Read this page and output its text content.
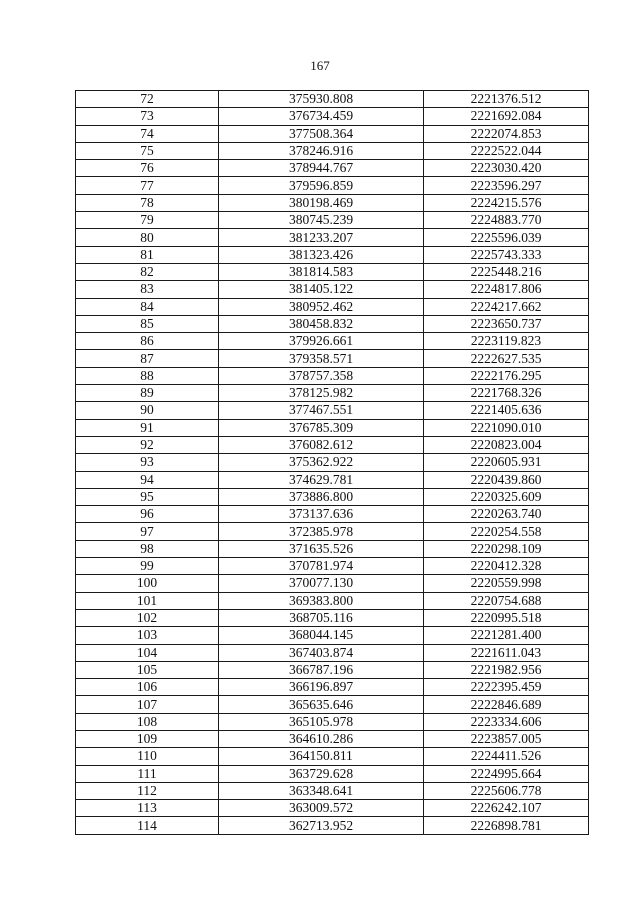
167
72	375930.808	2221376.512
73	376734.459	2221692.084
74	377508.364	2222074.853
75	378246.916	2222522.044
76	378944.767	2223030.420
77	379596.859	2223596.297
78	380198.469	2224215.576
79	380745.239	2224883.770
80	381233.207	2225596.039
81	381323.426	2225743.333
82	381814.583	2225448.216
83	381405.122	2224817.806
84	380952.462	2224217.662
85	380458.832	2223650.737
86	379926.661	2223119.823
87	379358.571	2222627.535
88	378757.358	2222176.295
89	378125.982	2221768.326
90	377467.551	2221405.636
91	376785.309	2221090.010
92	376082.612	2220823.004
93	375362.922	2220605.931
94	374629.781	2220439.860
95	373886.800	2220325.609
96	373137.636	2220263.740
97	372385.978	2220254.558
98	371635.526	2220298.109
99	370781.974	2220412.328
100	370077.130	2220559.998
101	369383.800	2220754.688
102	368705.116	2220995.518
103	368044.145	2221281.400
104	367403.874	2221611.043
105	366787.196	2221982.956
106	366196.897	2222395.459
107	365635.646	2222846.689
108	365105.978	2223334.606
109	364610.286	2223857.005
110	364150.811	2224411.526
111	363729.628	2224995.664
112	363348.641	2225606.778
113	363009.572	2226242.107
114	362713.952	2226898.781
